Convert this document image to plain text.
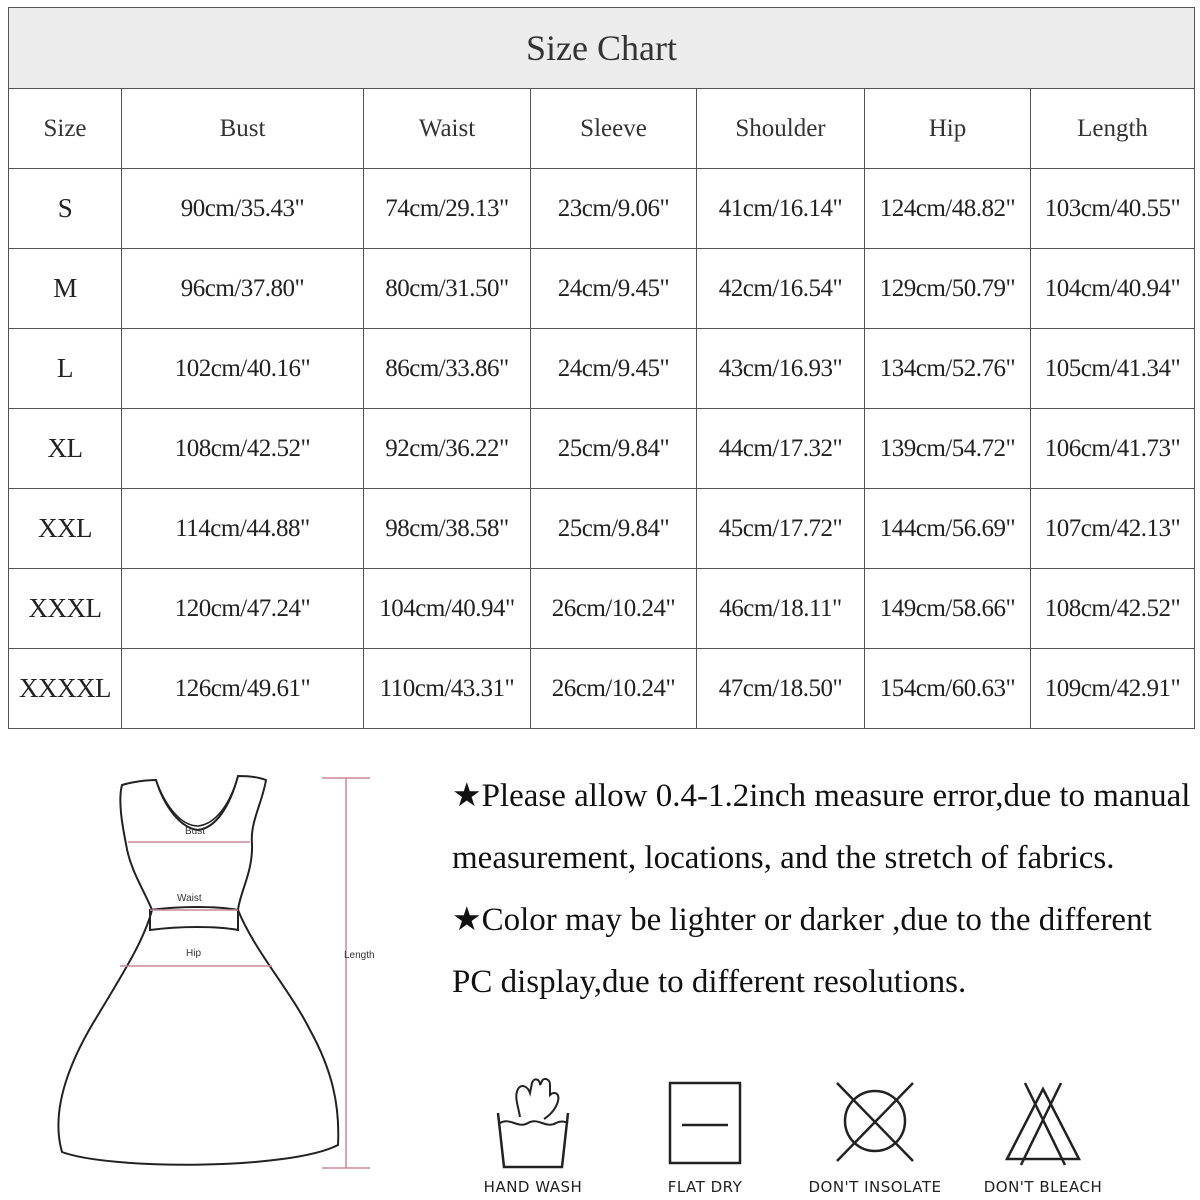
Size Chart						
Size	Bust	Waist	Sleeve	Shoulder	Hip	Length
S	90cm/35.43"	74cm/29.13"	23cm/9.06"	41cm/16.14"	124cm/48.82"	103cm/40.55"
M	96cm/37.80"	80cm/31.50"	24cm/9.45"	42cm/16.54"	129cm/50.79"	104cm/40.94"
L	102cm/40.16"	86cm/33.86"	24cm/9.45"	43cm/16.93"	134cm/52.76"	105cm/41.34"
XL	108cm/42.52"	92cm/36.22"	25cm/9.84"	44cm/17.32"	139cm/54.72"	106cm/41.73"
XXL	114cm/44.88"	98cm/38.58"	25cm/9.84"	45cm/17.72"	144cm/56.69"	107cm/42.13"
XXXL	120cm/47.24"	104cm/40.94"	26cm/10.24"	46cm/18.11"	149cm/58.66"	108cm/42.52"
XXXXL	126cm/49.61"	110cm/43.31"	26cm/10.24"	47cm/18.50"	154cm/60.63"	109cm/42.91"
Bust
Waist
Hip	Length

★Please allow 0.4-1.2inch measure error,due to manual measurement, locations, and the stretch of fabrics.

★Color may be lighter or darker ,due to the different PC display,due to different resolutions.

HAND WASH	FLAT DRY	DON'T INSOLATE	DON'T BLEACH
